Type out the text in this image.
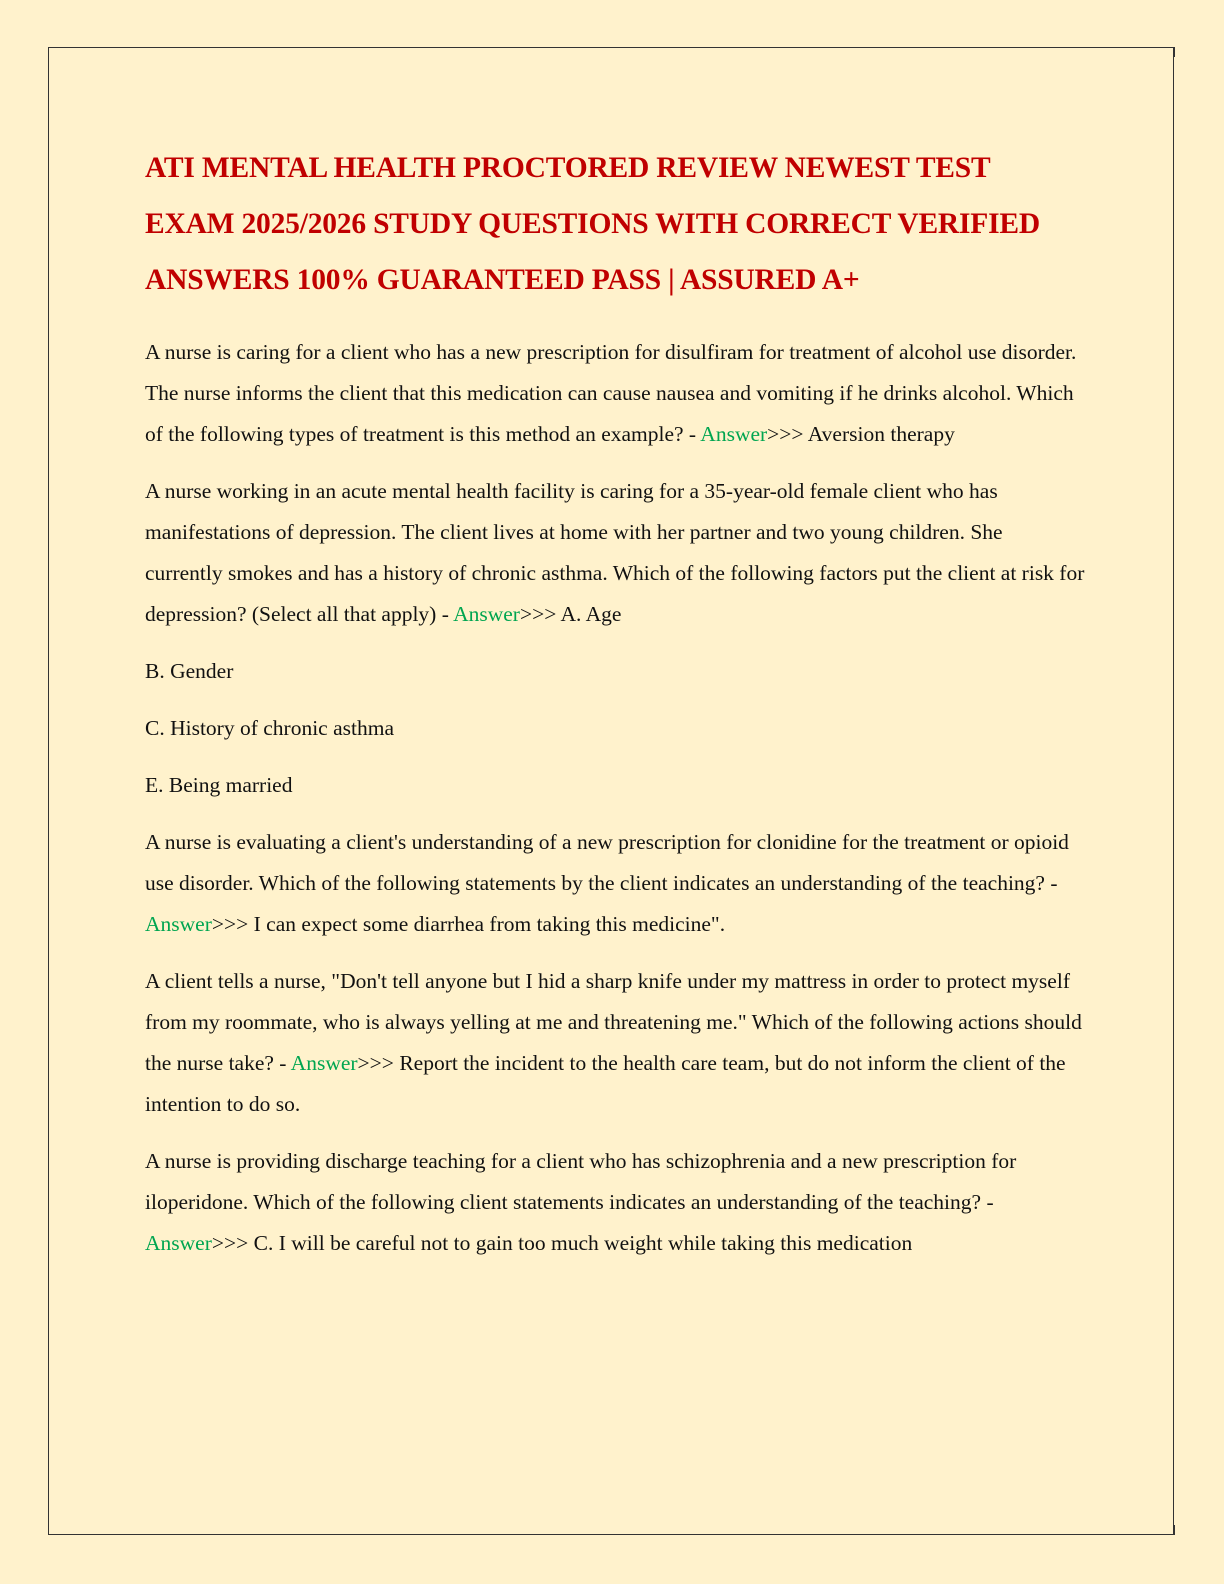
ATI MENTAL HEALTH PROCTORED REVIEW NEWEST TEST EXAM 2025/2026 STUDY QUESTIONS WITH CORRECT VERIFIED ANSWERS 100% GUARANTEED PASS | ASSURED A+

A nurse is caring for a client who has a new prescription for disulfiram for treatment of alcohol use disorder. The nurse informs the client that this medication can cause nausea and vomiting if he drinks alcohol. Which of the following types of treatment is this method an example? - Answer>>> Aversion therapy

A nurse working in an acute mental health facility is caring for a 35-year-old female client who has manifestations of depression. The client lives at home with her partner and two young children. She currently smokes and has a history of chronic asthma. Which of the following factors put the client at risk for depression? (Select all that apply) - Answer>>> A. Age

B. Gender

C. History of chronic asthma

E. Being married

A nurse is evaluating a client's understanding of a new prescription for clonidine for the treatment or opioid use disorder. Which of the following statements by the client indicates an understanding of the teaching? - Answer>>> I can expect some diarrhea from taking this medicine".

A client tells a nurse, "Don't tell anyone but I hid a sharp knife under my mattress in order to protect myself from my roommate, who is always yelling at me and threatening me." Which of the following actions should the nurse take? - Answer>>> Report the incident to the health care team, but do not inform the client of the intention to do so.

A nurse is providing discharge teaching for a client who has schizophrenia and a new prescription for iloperidone. Which of the following client statements indicates an understanding of the teaching? - Answer>>> C. I will be careful not to gain too much weight while taking this medication
